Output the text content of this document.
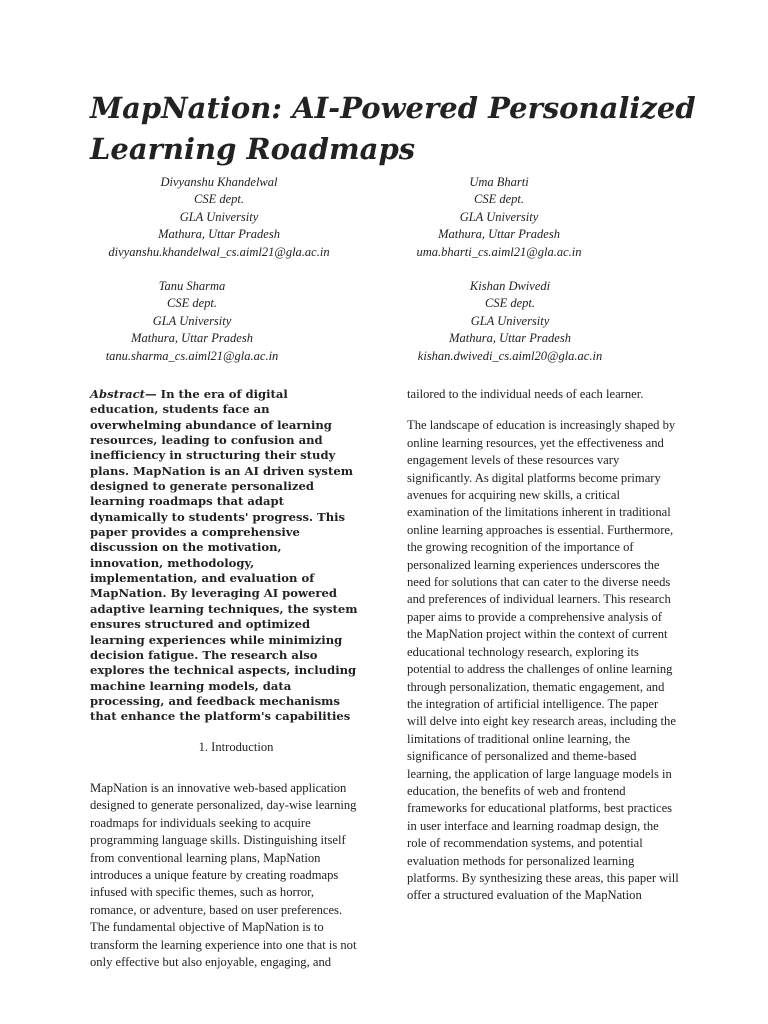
MapNation: AI-Powered Personalized Learning Roadmaps
Divyanshu Khandelwal
CSE dept.
GLA University
Mathura, Uttar Pradesh
divyanshu.khandelwal_cs.aiml21@gla.ac.in
Uma Bharti
CSE dept.
GLA University
Mathura, Uttar Pradesh
uma.bharti_cs.aiml21@gla.ac.in
Tanu Sharma
CSE dept.
GLA University
Mathura, Uttar Pradesh
tanu.sharma_cs.aiml21@gla.ac.in
Kishan Dwivedi
CSE dept.
GLA University
Mathura, Uttar Pradesh
kishan.dwivedi_cs.aiml20@gla.ac.in

Abstract— In the era of digital education, students face an overwhelming abundance of learning resources, leading to confusion and inefficiency in structuring their study plans. MapNation is an AI driven system designed to generate personalized learning roadmaps that adapt dynamically to students' progress. This paper provides a comprehensive discussion on the motivation, innovation, methodology, implementation, and evaluation of MapNation. By leveraging AI powered adaptive learning techniques, the system ensures structured and optimized learning experiences while minimizing decision fatigue. The research also explores the technical aspects, including machine learning models, data processing, and feedback mechanisms that enhance the platform's capabilities

1. Introduction

MapNation is an innovative web-based application designed to generate personalized, day-wise learning roadmaps for individuals seeking to acquire programming language skills. Distinguishing itself from conventional learning plans, MapNation introduces a unique feature by creating roadmaps infused with specific themes, such as horror, romance, or adventure, based on user preferences. The fundamental objective of MapNation is to transform the learning experience into one that is not only effective but also enjoyable, engaging, and

tailored to the individual needs of each learner.

The landscape of education is increasingly shaped by online learning resources, yet the effectiveness and engagement levels of these resources vary significantly. As digital platforms become primary avenues for acquiring new skills, a critical examination of the limitations inherent in traditional online learning approaches is essential. Furthermore, the growing recognition of the importance of personalized learning experiences underscores the need for solutions that can cater to the diverse needs and preferences of individual learners. This research paper aims to provide a comprehensive analysis of the MapNation project within the context of current educational technology research, exploring its potential to address the challenges of online learning through personalization, thematic engagement, and the integration of artificial intelligence. The paper will delve into eight key research areas, including the limitations of traditional online learning, the significance of personalized and theme-based learning, the application of large language models in education, the benefits of web and frontend frameworks for educational platforms, best practices in user interface and learning roadmap design, the role of recommendation systems, and potential evaluation methods for personalized learning platforms. By synthesizing these areas, this paper will offer a structured evaluation of the MapNation
